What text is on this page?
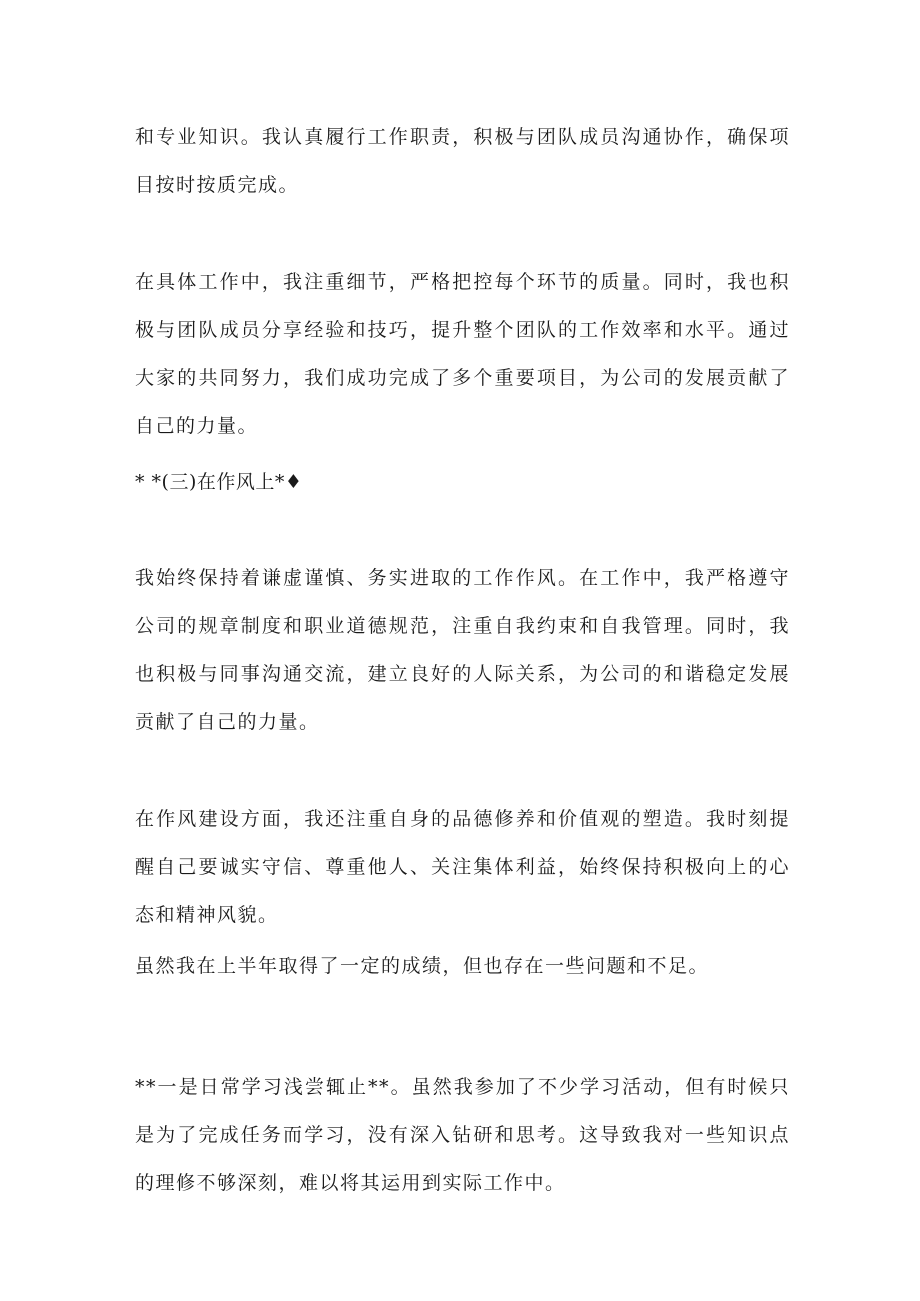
和专业知识。我认真履行工作职责，积极与团队成员沟通协作，确保项目按时按质完成。

在具体工作中，我注重细节，严格把控每个环节的质量。同时，我也积极与团队成员分享经验和技巧，提升整个团队的工作效率和水平。通过大家的共同努力，我们成功完成了多个重要项目，为公司的发展贡献了自己的力量。

* *(三)在作风上*♦

我始终保持着谦虚谨慎、务实进取的工作作风。在工作中，我严格遵守公司的规章制度和职业道德规范，注重自我约束和自我管理。同时，我也积极与同事沟通交流，建立良好的人际关系，为公司的和谐稳定发展贡献了自己的力量。

在作风建设方面，我还注重自身的品德修养和价值观的塑造。我时刻提醒自己要诚实守信、尊重他人、关注集体利益，始终保持积极向上的心态和精神风貌。

虽然我在上半年取得了一定的成绩，但也存在一些问题和不足。

**一是日常学习浅尝辄止**。虽然我参加了不少学习活动，但有时候只是为了完成任务而学习，没有深入钻研和思考。这导致我对一些知识点的理修不够深刻，难以将其运用到实际工作中。
